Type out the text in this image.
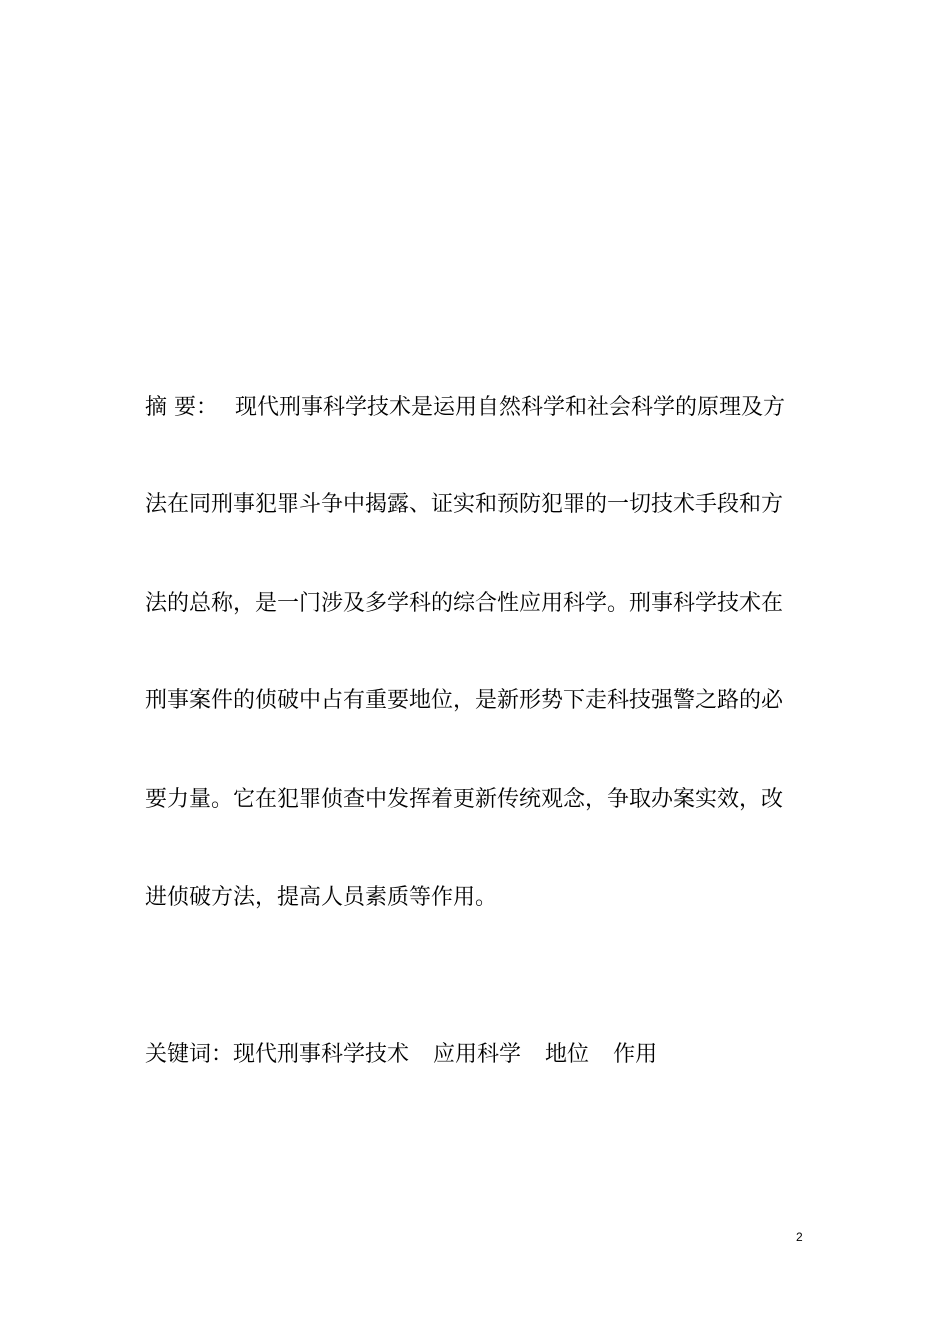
摘 要： 现代刑事科学技术是运用自然科学和社会科学的原理及方
法在同刑事犯罪斗争中揭露、证实和预防犯罪的一切技术手段和方
法的总称，是一门涉及多学科的综合性应用科学。刑事科学技术在
刑事案件的侦破中占有重要地位，是新形势下走科技强警之路的必
要力量。它在犯罪侦查中发挥着更新传统观念，争取办案实效，改
进侦破方法，提高人员素质等作用。
关键词：现代刑事科学技术 应用科学 地位 作用
2
